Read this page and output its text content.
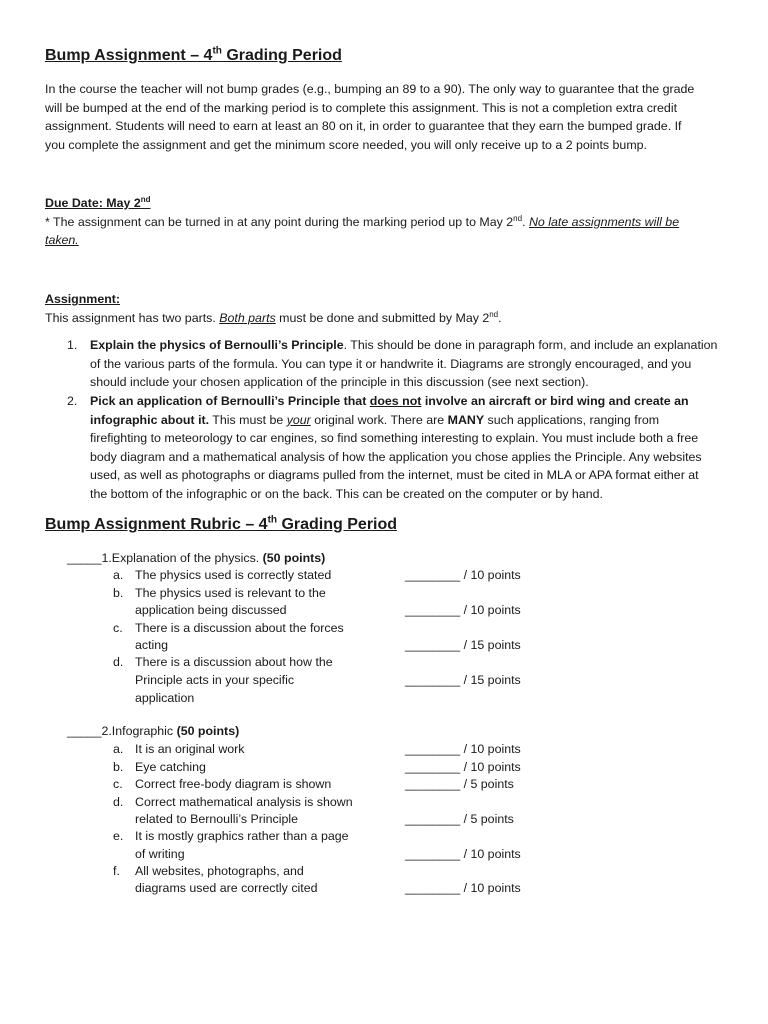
Bump Assignment – 4th Grading Period
In the course the teacher will not bump grades (e.g., bumping an 89 to a 90). The only way to guarantee that the grade
will be bumped at the end of the marking period is to complete this assignment. This is not a completion extra credit
assignment. Students will need to earn at least an 80 on it, in order to guarantee that they earn the bumped grade. If
you complete the assignment and get the minimum score needed, you will only receive up to a 2 points bump.
Due Date: May 2nd
* The assignment can be turned in at any point during the marking period up to May 2nd. No late assignments will be
taken.
Assignment:
This assignment has two parts. Both parts must be done and submitted by May 2nd.
1.	Explain the physics of Bernoulli’s Principle. This should be done in paragraph form, and include an explanation
of the various parts of the formula. You can type it or handwrite it. Diagrams are strongly encouraged, and you
should include your chosen application of the principle in this discussion (see next section).
2.	Pick an application of Bernoulli’s Principle that does not involve an aircraft or bird wing and create an
infographic about it. This must be your original work. There are MANY such applications, ranging from
firefighting to meteorology to car engines, so find something interesting to explain. You must include both a free
body diagram and a mathematical analysis of how the application you chose applies the Principle. Any websites
used, as well as photographs or diagrams pulled from the internet, must be cited in MLA or APA format either at
the bottom of the infographic or on the back. This can be created on the computer or by hand.
Bump Assignment Rubric – 4th Grading Period
_____1.Explanation of the physics. (50 points)
a. The physics used is correctly stated	________ / 10 points
b. The physics used is relevant to the
application being discussed	________ / 10 points
c. There is a discussion about the forces
acting	________ / 15 points
d. There is a discussion about how the
Principle acts in your specific	________ / 15 points
application
_____2.Infographic (50 points)
a. It is an original work	________ / 10 points
b. Eye catching	________ / 10 points
c. Correct free-body diagram is shown	________ / 5 points
d. Correct mathematical analysis is shown
related to Bernoulli’s Principle	________ / 5 points
e. It is mostly graphics rather than a page
of writing	________ / 10 points
f. All websites, photographs, and
diagrams used are correctly cited	________ / 10 points
